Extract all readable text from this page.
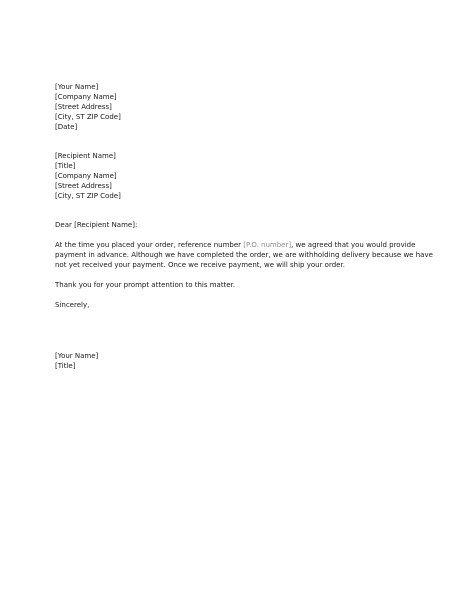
[Your Name]
[Company Name]
[Street Address]
[City, ST ZIP Code]
[Date]
[Recipient Name]
[Title]
[Company Name]
[Street Address]
[City, ST ZIP Code]
Dear [Recipient Name]:
At the time you placed your order, reference number [P.O. number], we agreed that you would provide
payment in advance. Although we have completed the order, we are withholding delivery because we have
not yet received your payment. Once we receive payment, we will ship your order.
Thank you for your prompt attention to this matter.
Sincerely,
[Your Name]
[Title]
